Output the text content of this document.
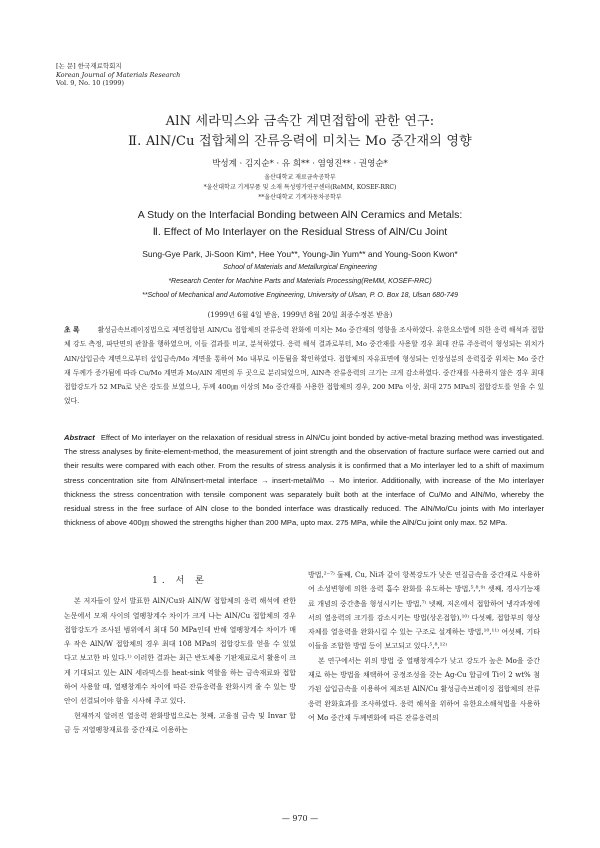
[논 문] 한국재료학회지
Korean Journal of Materials Research
Vol. 9, No. 10 (1999)
AlN 세라믹스와 금속간 계면접합에 관한 연구:
Ⅱ. AlN/Cu 접합체의 잔류응력에 미치는 Mo 중간재의 영향
박성계 · 김지순* · 유 희** · 염영진** · 권영순*
울산대학교 재료금속공학부
*울산대학교 기계부품 및 소재 특성평가연구센터(ReMM, KOSEF-RRC)
**울산대학교 기계자동차공학부
A Study on the Interfacial Bonding between AlN Ceramics and Metals:
Ⅱ. Effect of Mo Interlayer on the Residual Stress of AlN/Cu Joint
Sung-Gye Park, Ji-Soon Kim*, Hee You**, Young-Jin Yum** and Young-Soon Kwon*
School of Materials and Metallurgical Engineering
*Research Center for Machine Parts and Materials Processing(ReMM, KOSEF-RRC)
**School of Mechanical and Automotive Engineering, University of Ulsan, P. O. Box 18, Ulsan 680-749
(1999년 6월 4일 받음, 1999년 8월 20일 최종수정본 받음)
초 록	활성금속브레이징법으로 제면접합된 AlN/Cu 접합체의 잔류응력 완화에 미치는 Mo 중간재의 영향을 조사하였다. 유한요소법에 의한 응력 해석과 접합체 강도 측정, 파단면의 관찰을 행하였으며, 이들 결과를 비교, 분석하였다. 응력 해석 결과로부터, Mo 중간재를 사용할 경우 최대 잔류 주응력이 형성되는 위치가 AlN/삽입금속 계면으로부터 삽입금속/Mo 계면을 통하여 Mo 내부로 이동됨을 확인하였다. 접합체의 자유표면에 형성되는 인장성분의 응력집중 위치는 Mo 중간재 두께가 증가됨에 따라 Cu/Mo 계면과 Mo/AlN 계면의 두 곳으로 분리되었으며, AlN측 잔류응력의 크기는 크게 감소하였다. 중간재를 사용하지 않은 경우 최대 접합강도가 52 MPa로 낮은 강도를 보였으나, 두께 400㎛ 이상의 Mo 중간재를 사용한 접합체의 경우, 200 MPa 이상, 최대 275 MPa의 접합강도를 얻을 수 있었다.
Abstract Effect of Mo interlayer on the relaxation of residual stress in AlN/Cu joint bonded by active-metal brazing method was investigated. The stress analyses by finite-element-method, the measurement of joint strength and the observation of fracture surface were carried out and their results were compared with each other. From the results of stress analysis it is confirmed that a Mo interlayer led to a shift of maximum stress concentration site from AlN/insert-metal interface → insert-metal/Mo → Mo interior. Additionally, with increase of the Mo interlayer thickness the stress concentration with tensile component was separately built both at the interface of Cu/Mo and AlN/Mo, whereby the residual stress in the free surface of AlN close to the bonded interface was drastically reduced. The AlN/Mo/Cu joints with Mo interlayer thickness of above 400㎛ showed the strengths higher than 200 MPa, upto max. 275 MPa, while the AlN/Cu joint only max. 52 MPa.
1. 서 론

본 저자들이 앞서 발표한 AlN/Cu와 AlN/W 접합체의 응력 해석에 관한 논문에서 모재 사이의 열팽창계수 차이가 크게 나는 AlN/Cu 접합체의 경우 접합강도가 조사된 범위에서 최대 50 MPa인데 반해 열팽창계수 차이가 매우 작은 AlN/W 접합체의 경우 최대 108 MPa의 접합강도를 얻을 수 있었다고 보고한 바 있다.¹⁾ 이러한 결과는 최근 반도체용 기판재료로서 활용이 크게 기대되고 있는 AlN 세라믹스를 heat-sink 역할을 하는 금속재료와 접합하여 사용할 때, 열팽창계수 차이에 따른 잔류응력을 완화시켜 줄 수 있는 방안이 선결되어야 함을 시사해 주고 있다.

현재까지 알려진 열응력 완화방법으로는 첫째, 고융점 금속 및 Invar 합금 등 저열팽창재료를 중간재로 이용하는

방법,²⁻⁷⁾ 둘째, Cu, Ni과 같이 항복강도가 낮은 연질금속을 중간재로 사용하여 소성변형에 의한 응력 흡수 완화를 유도하는 방법,⁵,⁸,⁹⁾ 셋째, 경사기능재료 개념의 중간층을 형성시키는 방법,⁷⁾ 넷째, 저온에서 접합하여 냉각과정에서의 열응력의 크기를 감소시키는 방법(상온접합),¹⁰⁾ 다섯째, 접합부의 형상 자체를 열응력을 완화시킬 수 있는 구조로 설계하는 방법,¹⁰,¹¹⁾ 여섯째, 기타 이들을 조합한 방법 등이 보고되고 있다.⁵,⁸,¹²⁾

본 연구에서는 위의 방법 중 열팽창계수가 낮고 강도가 높은 Mo을 중간재로 하는 방법을 채택하여 공정조성을 갖는 Ag-Cu 합금에 Ti이 2 wt% 첨가된 삽입금속을 이용하여 제조된 AlN/Cu 활성금속브레이징 접합체의 잔류응력 완화효과를 조사하였다. 응력 해석을 위하여 유한요소해석법을 사용하여 Mo 중간재 두께변화에 따른 잔류응력의

— 970 —
